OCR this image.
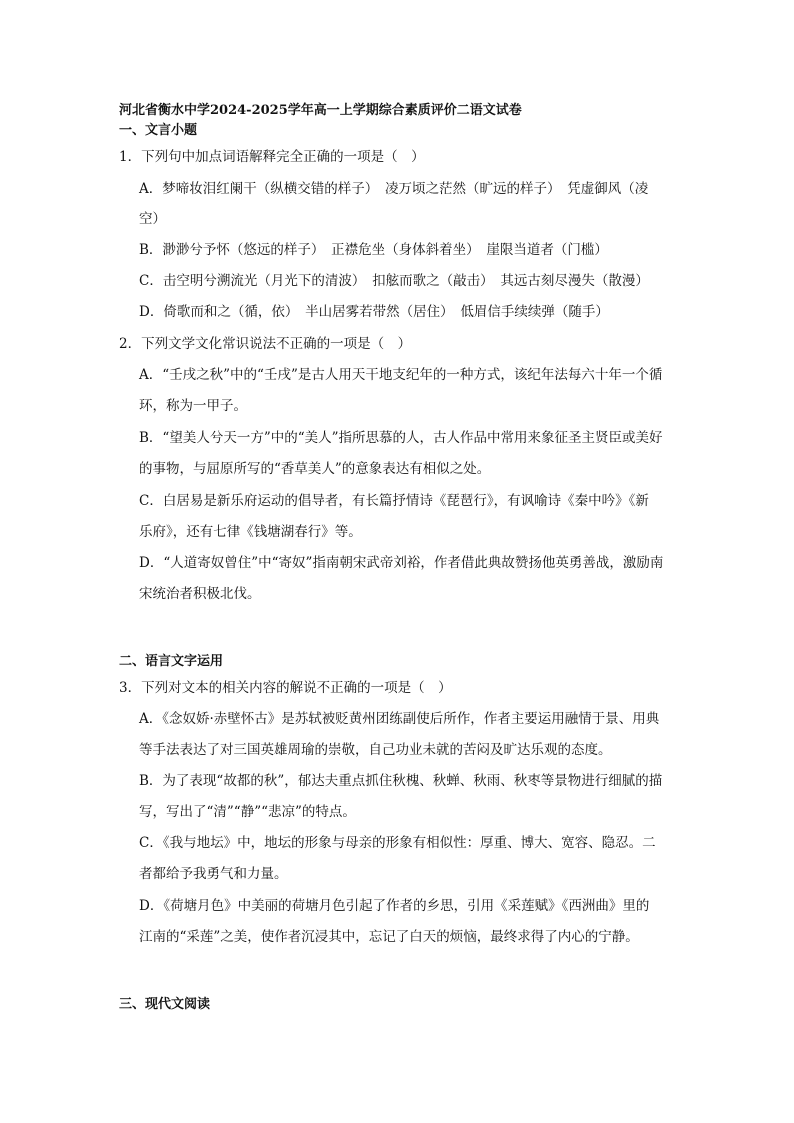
河北省衡水中学2024-2025学年高一上学期综合素质评价二语文试卷
一、文言小题
1．下列句中加点词语解释完全正确的一项是（　）
A．梦啼妆泪红阑干（纵横交错的样子）　凌万顷之茫然（旷远的样子）　凭虚御风（凌
空）
B．渺渺兮予怀（悠远的样子）　正襟危坐（身体斜着坐）　崖限当道者（门槛）
C．击空明兮溯流光（月光下的清波）　扣舷而歌之（敲击）　其远古刻尽漫失（散漫）
D．倚歌而和之（循，依）　半山居雾若带然（居住）　低眉信手续续弹（随手）
2．下列文学文化常识说法不正确的一项是（　）
A．“壬戌之秋”中的“壬戌”是古人用天干地支纪年的一种方式，该纪年法每六十年一个循
环，称为一甲子。
B．“望美人兮天一方”中的“美人”指所思慕的人，古人作品中常用来象征圣主贤臣或美好
的事物，与屈原所写的“香草美人”的意象表达有相似之处。
C．白居易是新乐府运动的倡导者，有长篇抒情诗《琵琶行》，有讽喻诗《秦中吟》《新
乐府》，还有七律《钱塘湖春行》等。
D．“人道寄奴曾住”中“寄奴”指南朝宋武帝刘裕，作者借此典故赞扬他英勇善战，激励南
宋统治者积极北伐。
二、语言文字运用
3．下列对文本的相关内容的解说不正确的一项是（　）
A．《念奴娇·赤壁怀古》是苏轼被贬黄州团练副使后所作，作者主要运用融情于景、用典
等手法表达了对三国英雄周瑜的崇敬，自己功业未就的苦闷及旷达乐观的态度。
B．为了表现“故都的秋”，郁达夫重点抓住秋槐、秋蝉、秋雨、秋枣等景物进行细腻的描
写，写出了“清”“静”“悲凉”的特点。
C．《我与地坛》中，地坛的形象与母亲的形象有相似性：厚重、博大、宽容、隐忍。二
者都给予我勇气和力量。
D．《荷塘月色》中美丽的荷塘月色引起了作者的乡思，引用《采莲赋》《西洲曲》里的
江南的“采莲”之美，使作者沉浸其中，忘记了白天的烦恼，最终求得了内心的宁静。
三、现代文阅读
